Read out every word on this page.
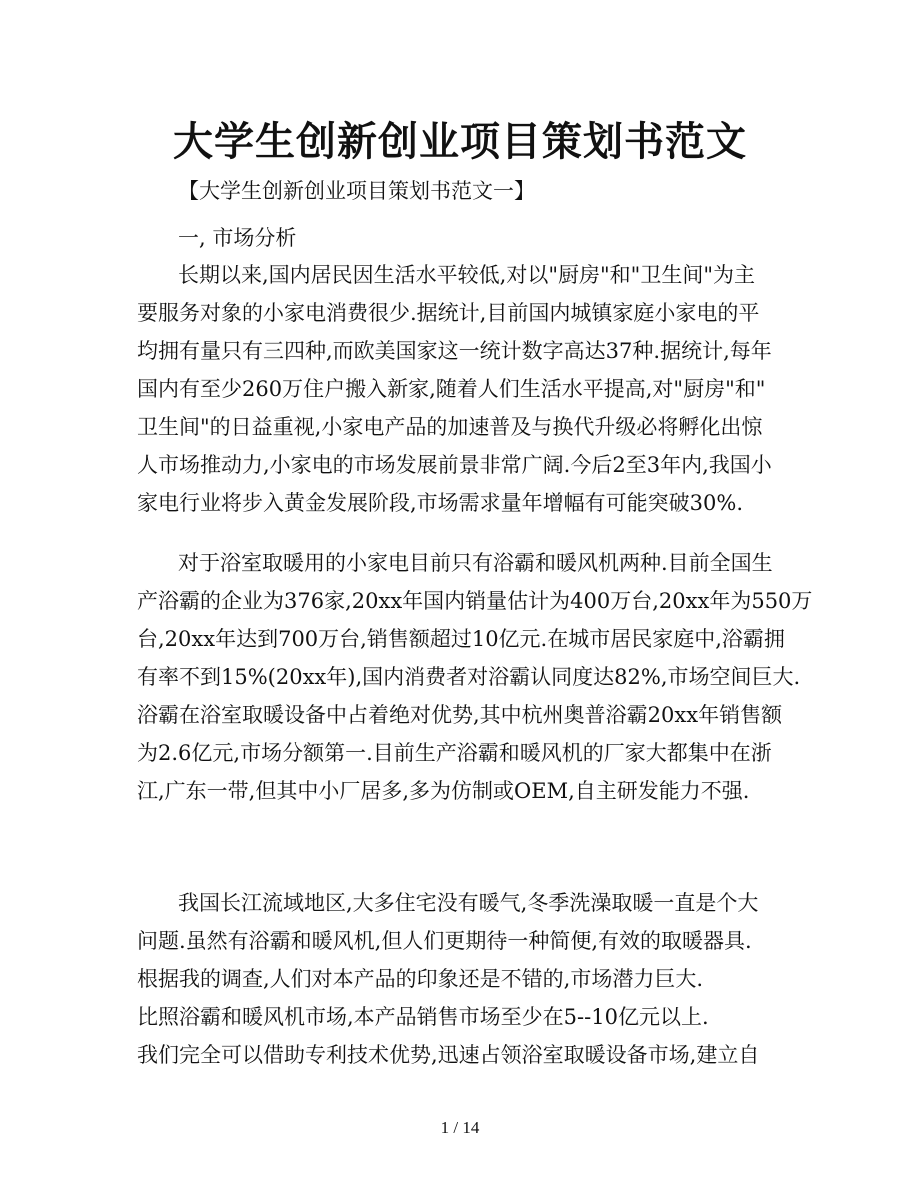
大学生创新创业项目策划书范文
【大学生创新创业项目策划书范文一】
一, 市场分析
长期以来,国内居民因生活水平较低,对以"厨房"和"卫生间"为主
要服务对象的小家电消费很少.据统计,目前国内城镇家庭小家电的平
均拥有量只有三四种,而欧美国家这一统计数字高达37种.据统计,每年
国内有至少260万住户搬入新家,随着人们生活水平提高,对"厨房"和"
卫生间"的日益重视,小家电产品的加速普及与换代升级必将孵化出惊
人市场推动力,小家电的市场发展前景非常广阔.今后2至3年内,我国小
家电行业将步入黄金发展阶段,市场需求量年增幅有可能突破30%.
对于浴室取暖用的小家电目前只有浴霸和暖风机两种.目前全国生
产浴霸的企业为376家,20xx年国内销量估计为400万台,20xx年为550万
台,20xx年达到700万台,销售额超过10亿元.在城市居民家庭中,浴霸拥
有率不到15%(20xx年),国内消费者对浴霸认同度达82%,市场空间巨大.
浴霸在浴室取暖设备中占着绝对优势,其中杭州奥普浴霸20xx年销售额
为2.6亿元,市场分额第一.目前生产浴霸和暖风机的厂家大都集中在浙
江,广东一带,但其中小厂居多,多为仿制或OEM,自主研发能力不强.
我国长江流域地区,大多住宅没有暖气,冬季洗澡取暖一直是个大
问题.虽然有浴霸和暖风机,但人们更期待一种简便,有效的取暖器具.
根据我的调查,人们对本产品的印象还是不错的,市场潜力巨大.
比照浴霸和暖风机市场,本产品销售市场至少在5--10亿元以上.
我们完全可以借助专利技术优势,迅速占领浴室取暖设备市场,建立自
1 / 14
